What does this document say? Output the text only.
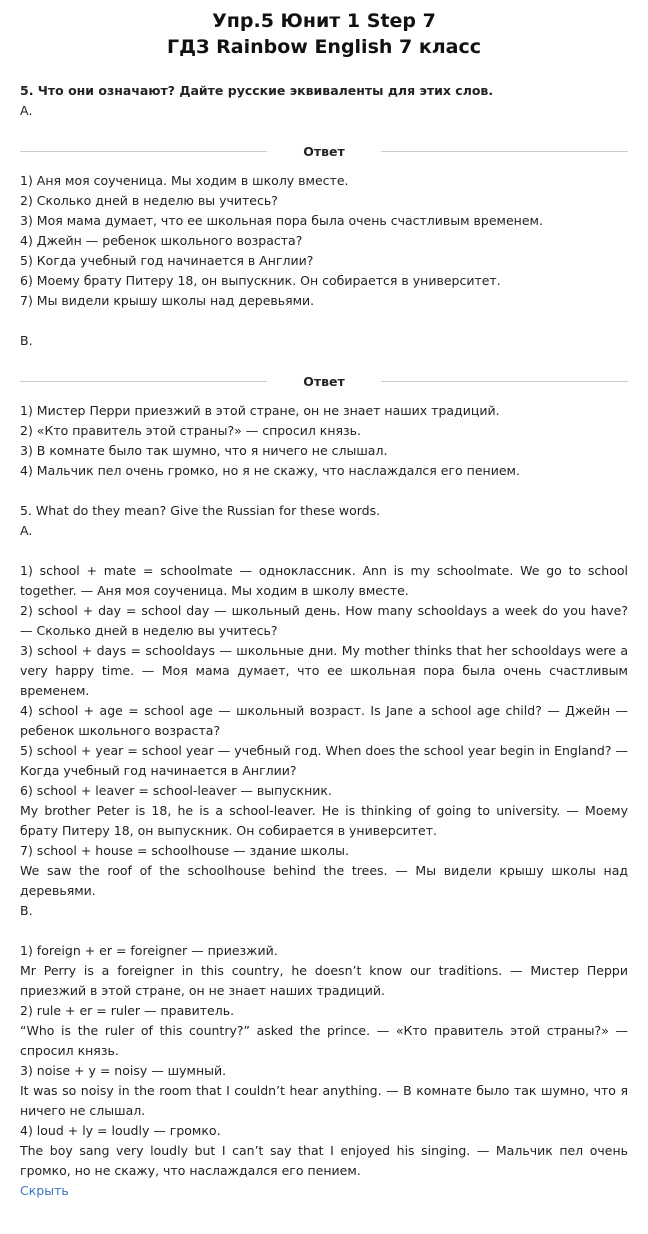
Упр.5 Юнит 1 Step 7
ГДЗ Rainbow English 7 класс
5. Что они означают? Дайте русские эквиваленты для этих слов.
А.
Ответ

1) Аня моя соученица. Мы ходим в школу вместе.

2) Сколько дней в неделю вы учитесь?

3) Моя мама думает, что ее школьная пора была очень счастливым временем.

4) Джейн — ребенок школьного возраста?

5) Когда учебный год начинается в Англии?

6) Моему брату Питеру 18, он выпускник. Он собирается в университет.

7) Мы видели крышу школы над деревьями.

В.
Ответ

1) Мистер Перри приезжий в этой стране, он не знает наших традиций.

2) «Кто правитель этой страны?» — спросил князь.

3) В комнате было так шумно, что я ничего не слышал.

4) Мальчик пел очень громко, но я не скажу, что наслаждался его пением.

5. What do they mean? Give the Russian for these words.

A.

1) school + mate = schoolmate — одноклассник. Ann is my schoolmate. We go to school together. — Аня моя соученица. Мы ходим в школу вместе.

2) school + day = school day — школьный день. How many schooldays a week do you have? — Сколько дней в неделю вы учитесь?

3) school + days = schooldays — школьные дни. My mother thinks that her schooldays were a very happy time. — Моя мама думает, что ее школьная пора была очень счастливым временем.

4) school + age = school age — школьный возраст. Is Jane a school age child? — Джейн — ребенок школьного возраста?

5) school + year = school year — учебный год. When does the school year begin in England? — Когда учебный год начинается в Англии?

6) school + leaver = school-leaver — выпускник.

My brother Peter is 18, he is a school-leaver. He is thinking of going to university. — Моему брату Питеру 18, он выпускник. Он собирается в университет.

7) school + house = schoolhouse — здание школы.

We saw the roof of the schoolhouse behind the trees. — Мы видели крышу школы над деревьями.

B.

1) foreign + er = foreigner — приезжий.

Mr Perry is a foreigner in this country, he doesn’t know our traditions. — Мистер Перри приезжий в этой стране, он не знает наших традиций.

2) rule + er = ruler — правитель.

“Who is the ruler of this country?” asked the prince. — «Кто правитель этой страны?» — спросил князь.

3) noise + y = noisy — шумный.

It was so noisy in the room that I couldn’t hear anything. — В комнате было так шумно, что я ничего не слышал.

4) loud + ly = loudly — громко.

The boy sang very loudly but I can’t say that I enjoyed his singing. — Мальчик пел очень громко, но не скажу, что наслаждался его пением.

Скрыть
